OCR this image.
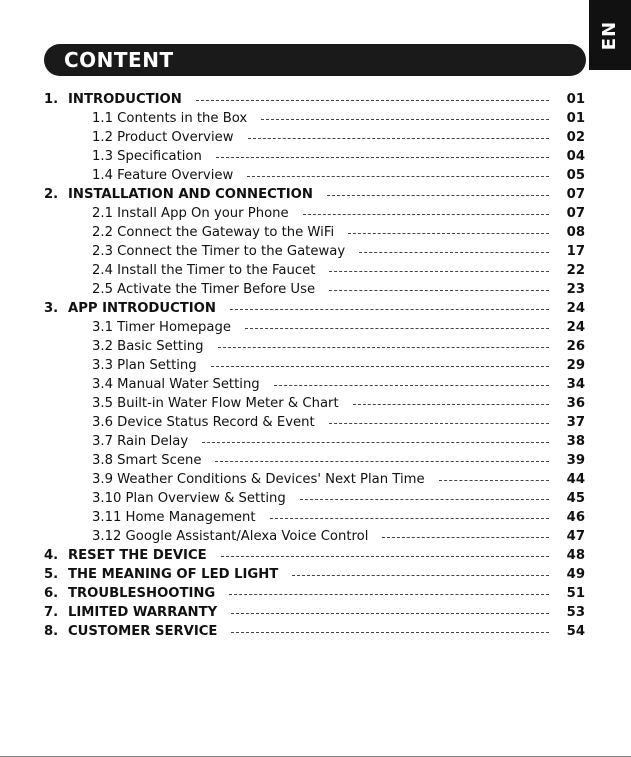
EN
CONTENT
1. INTRODUCTION	01
1.1 Contents in the Box	01
1.2 Product Overview	02
1.3 Specification	04
1.4 Feature Overview	05
2. INSTALLATION AND CONNECTION	07
2.1 Install App On your Phone	07
2.2 Connect the Gateway to the WiFi	08
2.3 Connect the Timer to the Gateway	17
2.4 Install the Timer to the Faucet	22
2.5 Activate the Timer Before Use	23
3. APP INTRODUCTION	24
3.1 Timer Homepage	24
3.2 Basic Setting	26
3.3 Plan Setting	29
3.4 Manual Water Setting	34
3.5 Built-in Water Flow Meter & Chart	36
3.6 Device Status Record & Event	37
3.7 Rain Delay	38
3.8 Smart Scene	39
3.9 Weather Conditions & Devices' Next Plan Time	44
3.10 Plan Overview & Setting	45
3.11 Home Management	46
3.12 Google Assistant/Alexa Voice Control	47
4. RESET THE DEVICE	48
5. THE MEANING OF LED LIGHT	49
6. TROUBLESHOOTING	51
7. LIMITED WARRANTY	53
8. CUSTOMER SERVICE	54
